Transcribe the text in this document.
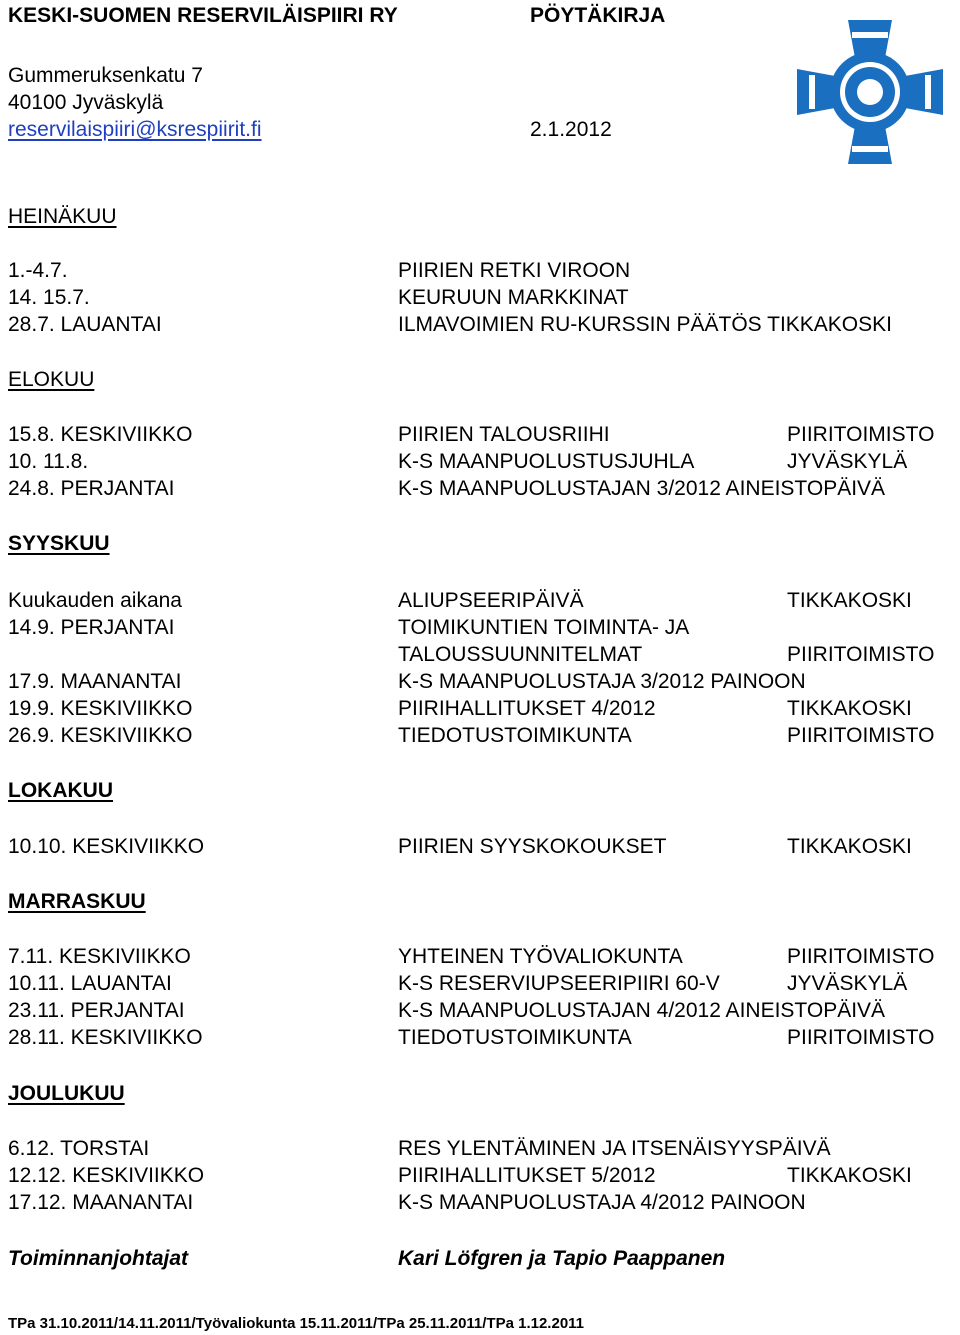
KESKI-SUOMEN RESERVILÄISPIIRI RY	PÖYTÄKIRJA
Gummeruksenkatu 7
40100 Jyväskylä
reservilaispiiri@ksrespiirit.fi	2.1.2012
HEINÄKUU
1.-4.7.	PIIRIEN RETKI VIROON
14. 15.7.	KEURUUN MARKKINAT
28.7. LAUANTAI	ILMAVOIMIEN RU-KURSSIN PÄÄTÖS TIKKAKOSKI
ELOKUU
15.8. KESKIVIIKKO	PIIRIEN TALOUSRIIHI	PIIRITOIMISTO
10. 11.8.	K-S MAANPUOLUSTUSJUHLA	JYVÄSKYLÄ
24.8. PERJANTAI	K-S MAANPUOLUSTAJAN 3/2012 AINEISTOPÄIVÄ
SYYSKUU
Kuukauden aikana	ALIUPSEERIPÄIVÄ	TIKKAKOSKI
14.9. PERJANTAI	TOIMIKUNTIEN TOIMINTA- JA
TALOUSSUUNNITELMAT	PIIRITOIMISTO
17.9. MAANANTAI	K-S MAANPUOLUSTAJA 3/2012 PAINOON
19.9. KESKIVIIKKO	PIIRIHALLITUKSET 4/2012	TIKKAKOSKI
26.9. KESKIVIIKKO	TIEDOTUSTOIMIKUNTA	PIIRITOIMISTO
LOKAKUU
10.10. KESKIVIIKKO	PIIRIEN SYYSKOKOUKSET	TIKKAKOSKI
MARRASKUU
7.11. KESKIVIIKKO	YHTEINEN TYÖVALIOKUNTA	PIIRITOIMISTO
10.11. LAUANTAI	K-S RESERVIUPSEERIPIIRI 60-V	JYVÄSKYLÄ
23.11. PERJANTAI	K-S MAANPUOLUSTAJAN 4/2012 AINEISTOPÄIVÄ
28.11. KESKIVIIKKO	TIEDOTUSTOIMIKUNTA	PIIRITOIMISTO
JOULUKUU
6.12. TORSTAI	RES YLENTÄMINEN JA ITSENÄISYYSPÄIVÄ
12.12. KESKIVIIKKO	PIIRIHALLITUKSET 5/2012	TIKKAKOSKI
17.12. MAANANTAI	K-S MAANPUOLUSTAJA 4/2012 PAINOON
Toiminnanjohtajat	Kari Löfgren ja Tapio Paappanen
TPa 31.10.2011/14.11.2011/Työvaliokunta 15.11.2011/TPa 25.11.2011/TPa 1.12.2011
